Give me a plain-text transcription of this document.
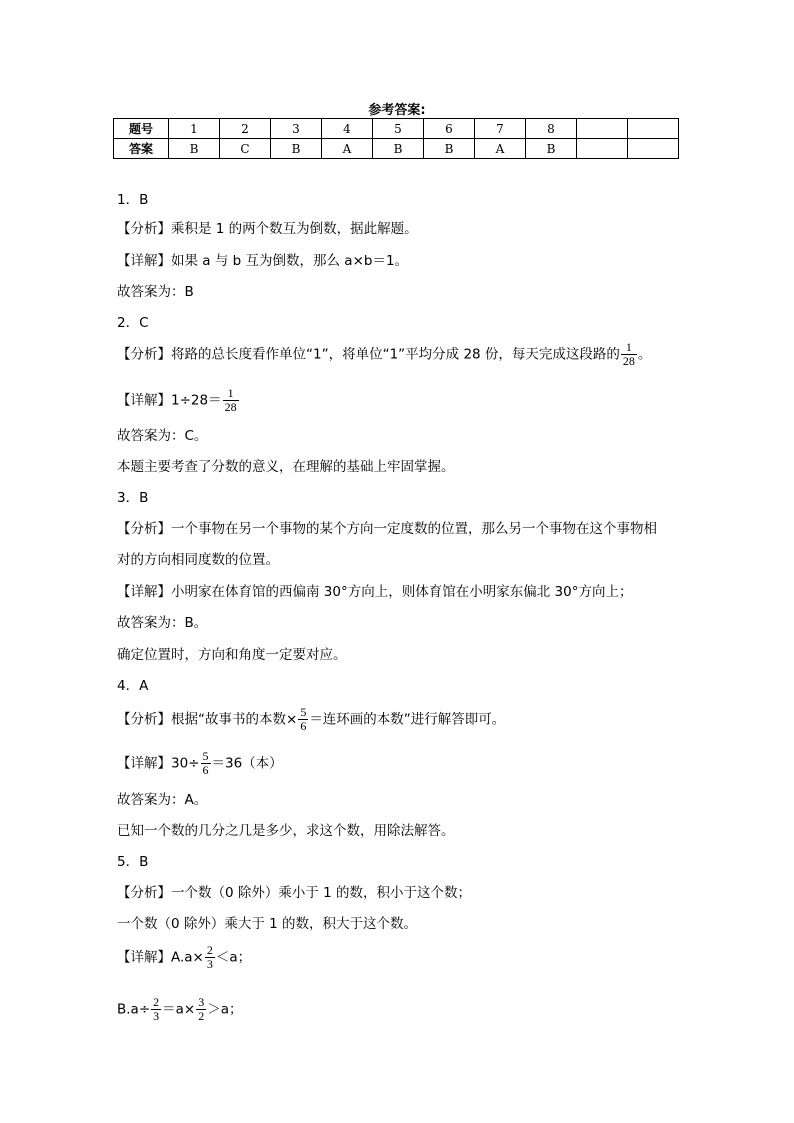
参考答案:
题号	1	2	3	4	5	6	7	8		
答案	B	C	B	A	B	B	A	B		
1．B
【分析】乘积是 1 的两个数互为倒数，据此解题。
【详解】如果 a 与 b 互为倒数，那么 a×b＝1。
故答案为：B
2．C
【分析】将路的总长度看作单位“1”，将单位“1”平均分成 28 份，每天完成这段路的 $\frac{1}{28}$ 。
【详解】$1\div 28= \frac{1}{28}$
故答案为：C。
本题主要考查了分数的意义，在理解的基础上牢固掌握。
3．B
【分析】一个事物在另一个事物的某个方向一定度数的位置，那么另一个事物在这个事物相
对的方向相同度数的位置。
【详解】小明家在体育馆的西偏南 30°方向上，则体育馆在小明家东偏北 30°方向上；
故答案为：B。
确定位置时，方向和角度一定要对应。
4．A
【分析】根据“故事书的本数× $\frac{5}{6}$ ＝连环画的本数”进行解答即可。
【详解】$30\div \frac{5}{6} =36$（本）
故答案为：A。
已知一个数的几分之几是多少，求这个数，用除法解答。
5．B
【分析】一个数（0 除外）乘小于 1 的数，积小于这个数；
一个数（0 除外）乘大于 1 的数，积大于这个数。
【详解】$A.a\times \frac{2}{3} <a$；
$B.a\div \frac{2}{3} =a\times \frac{3}{2} >a$；
